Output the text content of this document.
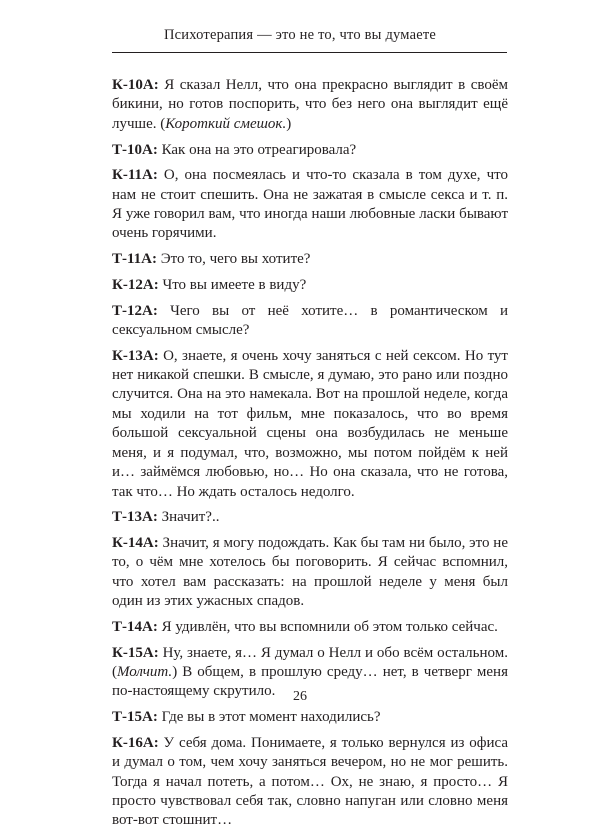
Психотерапия — это не то, что вы думаете

К-10А: Я сказал Нелл, что она прекрасно выглядит в своём бикини, но готов поспорить, что без него она выглядит ещё лучше. (Короткий смешок.)

Т-10А: Как она на это отреагировала?

К-11А: О, она посмеялась и что-то сказала в том духе, что нам не стоит спешить. Она не зажатая в смысле секса и т. п. Я уже говорил вам, что иногда наши любовные ласки бывают очень горячими.

Т-11А: Это то, чего вы хотите?

К-12А: Что вы имеете в виду?

Т-12А: Чего вы от неё хотите… в романтическом и сексуальном смысле?

К-13А: О, знаете, я очень хочу заняться с ней сексом. Но тут нет никакой спешки. В смысле, я думаю, это рано или поздно случится. Она на это намекала. Вот на прошлой неделе, когда мы ходили на тот фильм, мне показалось, что во время большой сексуальной сцены она возбудилась не меньше меня, и я подумал, что, возможно, мы потом пойдём к ней и… займёмся любовью, но… Но она сказала, что не готова, так что… Но ждать осталось недолго.

Т-13А: Значит?..

К-14А: Значит, я могу подождать. Как бы там ни было, это не то, о чём мне хотелось бы поговорить. Я сейчас вспомнил, что хотел вам рассказать: на прошлой неделе у меня был один из этих ужасных спадов.

Т-14А: Я удивлён, что вы вспомнили об этом только сейчас.

К-15А: Ну, знаете, я… Я думал о Нелл и обо всём остальном. (Молчит.) В общем, в прошлую среду… нет, в четверг меня по-настоящему скрутило.

Т-15А: Где вы в этот момент находились?

К-16А: У себя дома. Понимаете, я только вернулся из офиса и думал о том, чем хочу заняться вечером, но не мог решить. Тогда я начал потеть, а потом… Ох, не знаю, я просто… Я просто чувствовал себя так, словно напуган или словно меня вот-вот стошнит…

26
